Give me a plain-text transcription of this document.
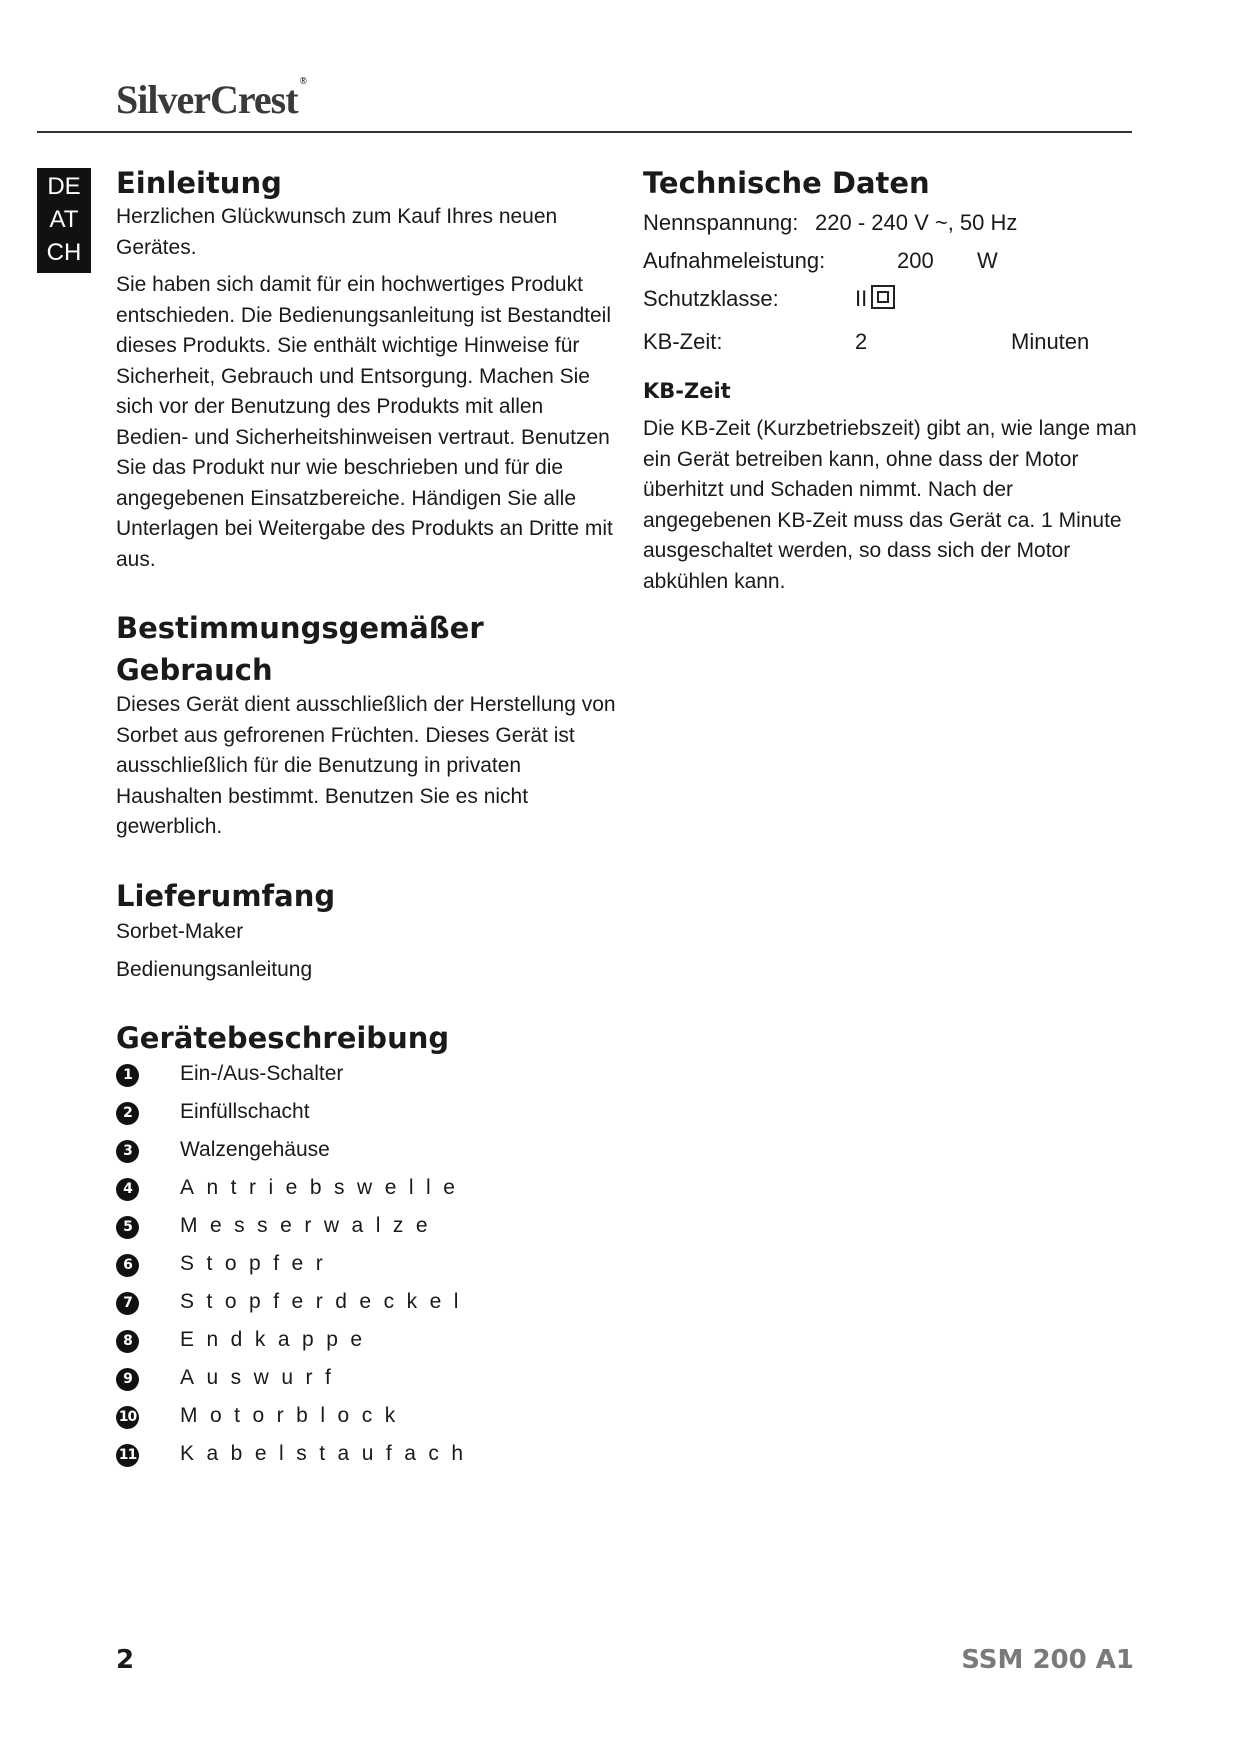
SilverCrest ®
DE
AT
CH
Einleitung

Herzlichen Glückwunsch zum Kauf Ihres neuen Gerätes.

Sie haben sich damit für ein hochwertiges Produkt entschieden. Die Bedienungsanleitung ist Bestandteil dieses Produkts. Sie enthält wichtige Hinweise für Sicherheit, Gebrauch und Entsorgung. Machen Sie sich vor der Benutzung des Produkts mit allen Bedien- und Sicherheitshinweisen vertraut. Benutzen Sie das Produkt nur wie beschrieben und für die angegebenen Einsatzbereiche. Händigen Sie alle Unterlagen bei Weitergabe des Produkts an Dritte mit aus.

Bestimmungsgemäßer
Gebrauch

Dieses Gerät dient ausschließlich der Herstellung von Sorbet aus gefrorenen Früchten. Dieses Gerät ist ausschließlich für die Benutzung in privaten Haushalten bestimmt. Benutzen Sie es nicht gewerblich.

Lieferumfang

Sorbet-Maker

Bedienungsanleitung

Gerätebeschreibung
1	Ein-/Aus-Schalter
2	Einfüllschacht
3	Walzengehäuse
4	Antriebswelle
5	Messerwalze
6	Stopfer
7	Stopferdeckel
8	Endkappe
9	Auswurf
10 Motorblock
11 Kabelstaufach
Technische Daten
Nennspannung: 220 - 240 V ~, 50 Hz
Aufnahmeleistung:	200 W
Schutzklasse:	II
KB-Zeit:	2	Minuten
KB-Zeit

Die KB-Zeit (Kurzbetriebszeit) gibt an, wie lange man ein Gerät betreiben kann, ohne dass der Motor überhitzt und Schaden nimmt. Nach der angegebenen KB-Zeit muss das Gerät ca. 1 Minute ausgeschaltet werden, so dass sich der Motor abkühlen kann.

2	SSM 200 A1
